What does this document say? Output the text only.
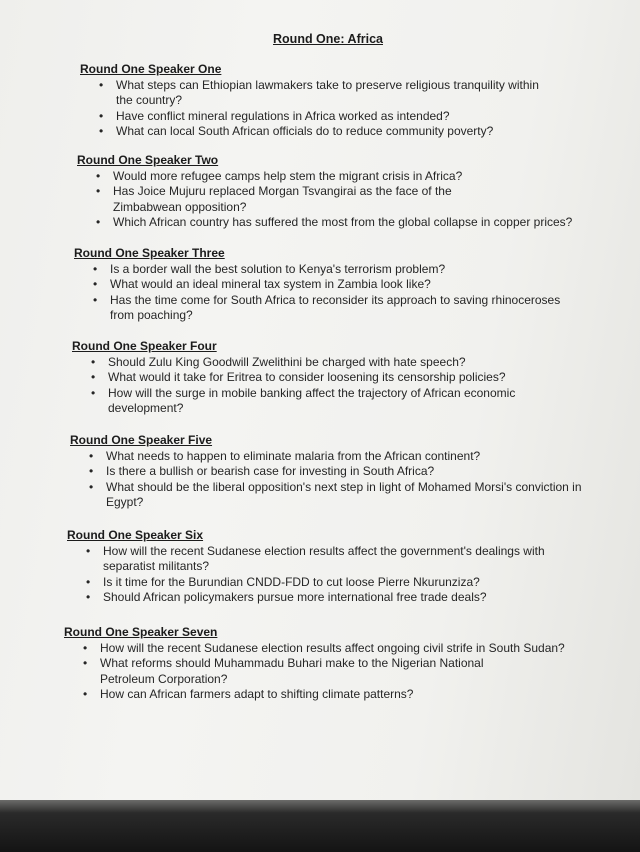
Round One: Africa
Round One Speaker One
• What steps can Ethiopian lawmakers take to preserve religious tranquility within the country?
• Have conflict mineral regulations in Africa worked as intended?
• What can local South African officials do to reduce community poverty?
Round One Speaker Two
• Would more refugee camps help stem the migrant crisis in Africa?
• Has Joice Mujuru replaced Morgan Tsvangirai as the face of the Zimbabwean opposition?
• Which African country has suffered the most from the global collapse in copper prices?
Round One Speaker Three
• Is a border wall the best solution to Kenya's terrorism problem?
• What would an ideal mineral tax system in Zambia look like?
• Has the time come for South Africa to reconsider its approach to saving rhinoceroses from poaching?
Round One Speaker Four
• Should Zulu King Goodwill Zwelithini be charged with hate speech?
• What would it take for Eritrea to consider loosening its censorship policies?
• How will the surge in mobile banking affect the trajectory of African economic development?
Round One Speaker Five
• What needs to happen to eliminate malaria from the African continent?
• Is there a bullish or bearish case for investing in South Africa?
• What should be the liberal opposition's next step in light of Mohamed Morsi's conviction in Egypt?
Round One Speaker Six
• How will the recent Sudanese election results affect the government's dealings with separatist militants?
• Is it time for the Burundian CNDD-FDD to cut loose Pierre Nkurunziza?
• Should African policymakers pursue more international free trade deals?
Round One Speaker Seven
• How will the recent Sudanese election results affect ongoing civil strife in South Sudan?
• What reforms should Muhammadu Buhari make to the Nigerian National Petroleum Corporation?
• How can African farmers adapt to shifting climate patterns?
